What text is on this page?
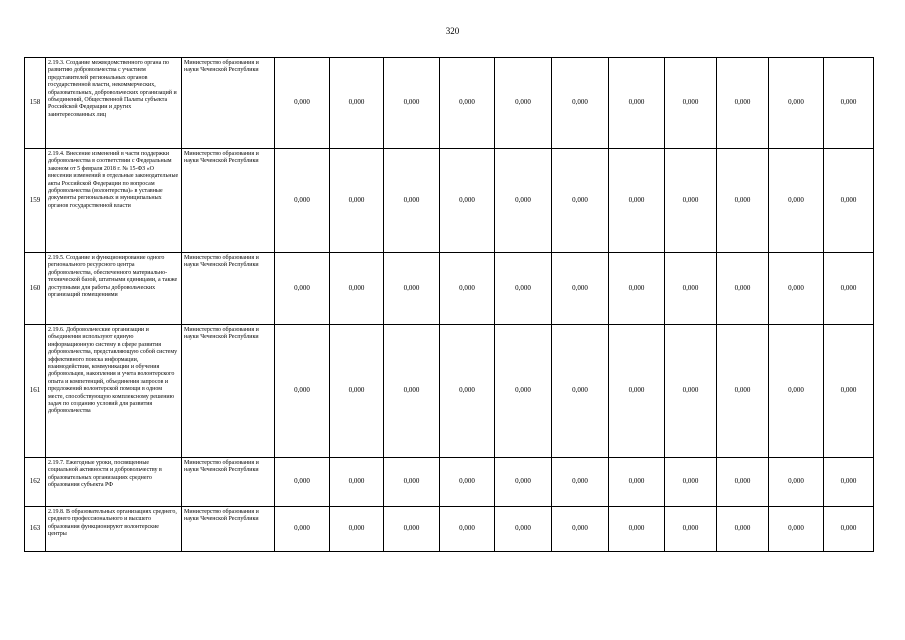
320
158	2.19.3. Создание межведомственного органа по развитию добровольчества с участием представителей региональных органов государственной власти, некоммерческих, образовательных, добровольческих организаций и объединений, Общественной Палаты субъекта Российской Федерации и других заинтересованных лиц	Министерство образования и науки Чеченской Республики	0,000	0,000	0,000	0,000	0,000	0,000	0,000	0,000	0,000	0,000	0,000
159	2.19.4. Внесение изменений в части поддержки добровольчества в соответствии с Федеральным законом от 5 февраля 2018 г. № 15-ФЗ «О внесении изменений в отдельные законодательные акты Российской Федерации по вопросам добровольчества (волонтерства)» в уставные документы региональных и муниципальных органов государственной власти	Министерство образования и науки Чеченской Республики	0,000	0,000	0,000	0,000	0,000	0,000	0,000	0,000	0,000	0,000	0,000
160	2.19.5. Создание и функционирование одного регионального ресурсного центра добровольчества, обеспеченного материально-технической базой, штатными единицами, а также доступными для работы добровольческих организаций помещениями	Министерство образования и науки Чеченской Республики	0,000	0,000	0,000	0,000	0,000	0,000	0,000	0,000	0,000	0,000	0,000
161	2.19.6. Добровольческие организации и объединения используют единую информационную систему в сфере развития добровольчества, представляющую собой систему эффективного поиска информации, взаимодействия, коммуникации и обучения добровольцев, накопления и учета волонтерского опыта и компетенций, объединения запросов и предложений волонтерской помощи в одном месте, способствующую комплексному решению задач по созданию условий для развития добровольчества	Министерство образования и науки Чеченской Республики	0,000	0,000	0,000	0,000	0,000	0,000	0,000	0,000	0,000	0,000	0,000
162	2.19.7. Ежегодные уроки, посвященные социальной активности и добровольчеству в образовательных организациях среднего образования субъекта РФ	Министерство образования и науки Чеченской Республики	0,000	0,000	0,000	0,000	0,000	0,000	0,000	0,000	0,000	0,000	0,000
163	2.19.8. В образовательных организациях среднего, среднего профессионального и высшего образования функционируют волонтерские центры	Министерство образования и науки Чеченской Республики	0,000	0,000	0,000	0,000	0,000	0,000	0,000	0,000	0,000	0,000	0,000
